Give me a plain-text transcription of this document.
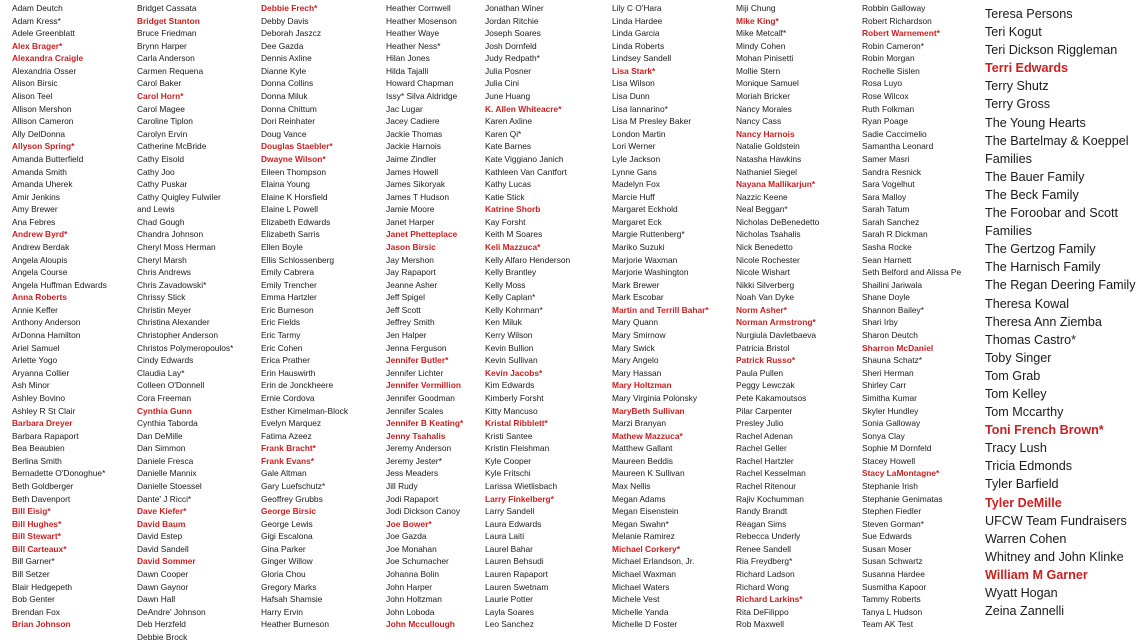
Adam Deutch
Adam Kress*
Adele Greenblatt
Alex Brager*
Alexandra Craigle
Alexandria Osser
Alison Birsic
Alison Teel
Allison Mershon
Allison Cameron
Ally DelDonna
Allyson Spring*
Amanda Butterfield
Amanda Smith
Amanda Uherek
Amir Jenkins
Amy Brewer
Ana Febres
Andrew Byrd*
Andrew Berdak
Angela Aloupis
Angela Course
Angela Huffman Edwards
Anna Roberts
Annie Keffer
Anthony Anderson
ArDonna Hamilton
Ariel Samuel
Arlette Yogo
Aryanna Collier
Ash Minor
Ashley Bovino
Ashley R St Clair
Barbara Dreyer
Barbara Rapaport
Bea Beaubien
Berlina Smith
Bernadette O'Donoghue*
Beth Goldberger
Beth Davenport
Bill Eisig*
Bill Hughes*
Bill Stewart*
Bill Carteaux*
Bill Garner*
Bill Setzer
Blair Hedgepeth
Bob Genter
Brendan Fox
Brian Johnson
Bridget Cassata
Bridget Stanton
Bruce Friedman
Brynn Harper
Carla Anderson
Carmen Requena
Carol Baker
Carol Horn*
Carol Magee
Caroline Tiplon
Carolyn Ervin
Catherine McBride
Cathy Eisold
Cathy Joo
Cathy Puskar
Cathy Quigley Fulwiler
and Lewis
Chad Gough
Chandra Johnson
Cheryl Moss Herman
Cheryl Marsh
Chris Andrews
Chris Zavadowski*
Chrissy Stick
Christin Meyer
Christina Alexander
Christopher Anderson
Christos Polymeropoulos*
Cindy Edwards
Claudia Lay*
Colleen O'Donnell
Cora Freeman
Cynthia Gunn
Cynthia Taborda
Dan DeMille
Dan Simmon
Daniele Fresca
Danielle Mannix
Danielle Stoessel
Dante' J Ricci*
Dave Kiefer*
David Baum
David Estep
David Sandell
David Sommer
Dawn Cooper
Dawn Gaynor
Dawn Hall
DeAndre' Johnson
Deb Herzfeld
Debbie Brock
Debbie Frech*
Debby Davis
Deborah Jaszcz
Dee Gazda
Dennis Axline
Dianne Kyle
Donna Collins
Donna Miluk
Donna Chittum
Dori Reinhater
Doug Vance
Douglas Staebler*
Dwayne Wilson*
Eileen Thompson
Elaina Young
Elaine K Horsfield
Elaine L Powell
Elizabeth Edwards
Elizabeth Sarris
Ellen Boyle
Ellis Schlossenberg
Emily Cabrera
Emily Trencher
Emma Hartzler
Eric Burneson
Eric Fields
Eric Tarmy
Eric Cohen
Erica Prather
Erin Hauswirth
Erin de Jonckheere
Ernie Cordova
Esther Kimelman-Block
Evelyn Marquez
Fatima Azeez
Frank Bracht*
Frank Evans*
Gale Altman
Gary Luefschutz*
Geoffrey Grubbs
George Birsic
George Lewis
Gigi Escalona
Gina Parker
Ginger Willow
Gloria Chou
Gregory Marks
Hafsah Shamsie
Harry Ervin
Heather Burneson
Heather Cornwell
Heather Mosenson
Heather Waye
Heather Ness*
Hilan Jones
Hilda Tajalli
Howard Chapman
Issy* Silva Aldridge
Jac Lugar
Jacey Cadiere
Jackie Thomas
Jackie Harnois
Jaime Zindler
James Howell
James Sikoryak
James T Hudson
Jamie Moore
Janet Harper
Janet Phetteplace
Jason Birsic
Jay Mershon
Jay Rapaport
Jeanne Asher
Jeff Spigel
Jeff Scott
Jeffrey Smith
Jen Halper
Jenna Ferguson
Jennifer Butler*
Jennifer Lichter
Jennifer Vermillion
Jennifer Goodman
Jennifer Scales
Jennifer B Keating*
Jenny Tsahalis
Jeremy Anderson
Jeremy Jester*
Jess Meaders
Jill Rudy
Jodi Rapaport
Jodi Dickson Canoy
Joe Bower*
Joe Gazda
Joe Monahan
Joe Schumacher
Johanna Bolin
John Harper
John Holtzman
John Loboda
John Mccullough
Jonathan Winer
Jordan Ritchie
Joseph Soares
Josh Dornfeld
Judy Redpath*
Julia Posner
Julia Cini
June Huang
K. Allen Whiteacre*
Karen Axline
Karen Qi*
Kate Barnes
Kate Viggiano Janich
Kathleen Van Cantfort
Kathy Lucas
Katie Stick
Katrine Shorb
Kay Forsht
Keith M Soares
Keli Mazzuca*
Kelly Alfaro Henderson
Kelly Brantley
Kelly Moss
Kelly Caplan*
Kelly Kohrman*
Ken Miluk
Kerry Wilson
Kevin Bullion
Kevin Sullivan
Kevin Jacobs*
Kim Edwards
Kimberly Forsht
Kitty Mancuso
Kristal Ribblett*
Kristi Santee
Kristin Fleishman
Kyle Cooper
Kyle Fritschi
Larissa Wietlisbach
Larry Finkelberg*
Larry Sandell
Laura Edwards
Laura Laiti
Laurel Bahar
Lauren Behsudi
Lauren Rapaport
Lauren Swetnam
Laurie Potter
Layla Soares
Leo Sanchez
Lily C O'Hara
Linda Hardee
Linda Garcia
Linda Roberts
Lindsey Sandell
Lisa Stark*
Lisa Wilson
Lisa Dunn
Lisa Iannarino*
Lisa M Presley Baker
London Martin
Lori Werner
Lyle Jackson
Lynne Gans
Madelyn Fox
Marcie Huff
Margaret Eckhold
Margaret Eck
Margie Ruttenberg*
Mariko Suzuki
Marjorie Waxman
Marjorie Washington
Mark Brewer
Mark Escobar
Martin and Terrill Bahar*
Mary Quann
Mary Smirnow
Mary Swick
Mary Angelo
Mary Hassan
Mary Holtzman
Mary Virginia Polonsky
MaryBeth Sullivan
Marzi Branyan
Mathew Mazzuca*
Matthew Gallant
Maureen Beddis
Maureen K Sullivan
Max Nellis
Megan Adams
Megan Eisenstein
Megan Swahn*
Melanie Ramirez
Michael Corkery*
Michael Erlandson, Jr.
Michael Waxman
Michael Waters
Michele Vest
Michelle Yanda
Michelle D Foster
Miji Chung
Mike King*
Mike Metcalf*
Mindy Cohen
Mohan Pinisetti
Mollie Stern
Monique Samuel
Moriah Bricker
Nancy Morales
Nancy Cass
Nancy Harnois
Natalie Goldstein
Natasha Hawkins
Nathaniel Siegel
Nayana Mallikarjun*
Nazzic Keene
Neal Beggan*
Nicholas DeBenedetto
Nicholas Tsahalis
Nick Benedetto
Nicole Rochester
Nicole Wishart
Nikki Silverberg
Noah Van Dyke
Norm Asher*
Norman Armstrong*
Nurgiula Davletbaeva
Patricia Bristol
Patrick Russo*
Paula Pullen
Peggy Lewczak
Pete Kakamoutsos
Pilar Carpenter
Presley Julio
Rachel Adenan
Rachel Geller
Rachel Hartzler
Rachel Kesselman
Rachel Ritenour
Rajiv Kochumman
Randy Brandt
Reagan Sims
Rebecca Underly
Renee Sandell
Ria Freydberg*
Richard Ladson
Richard Wong
Richard Larkins*
Rita DeFilippo
Rob Maxwell
Robbin Galloway
Robert Richardson
Robert Warnement*
Robin Cameron*
Robin Morgan
Rochelle Sislen
Rosa Luyo
Rose Wilcox
Ruth Folkman
Ryan Poage
Sadie Caccimelio
Samantha Leonard
Samer Masri
Sandra Resnick
Sara Vogelhut
Sara Malloy
Sarah Tatum
Sarah Sanchez
Sarah R Dickman
Sasha Rocke
Sean Harnett
Seth Belford and Alissa Pe
Shailini Jariwala
Shane Doyle
Shannon Bailey*
Shari Irby
Sharon Deutch
Sharron McDaniel
Shauna Schatz*
Sheri Herman
Shirley Carr
Simitha Kumar
Skyler Hundley
Sonia Galloway
Sonya Clay
Sophie M Dornfeld
Stacey Howell
Stacy LaMontagne*
Stephanie Irish
Stephanie Genimatas
Stephen Fiedler
Steven Gorman*
Sue Edwards
Susan Moser
Susan Schwartz
Susanna Hardee
Susmitha Kapoor
Tammy Roberts
Tanya L Hudson
Team AK Test
Teresa Persons
Teri Kogut
Teri Dickson Riggleman
Terri Edwards
Terry Shutz
Terry Gross
The Young Hearts
The Bartelmay & Koeppel Families
The Bauer Family
The Beck Family
The Foroobar and Scott Families
The Gertzog Family
The Harnisch Family
The Regan Deering Family
Theresa Kowal
Theresa Ann Ziemba
Thomas Castro*
Toby Singer
Tom Grab
Tom Kelley
Tom Mccarthy
Toni French Brown*
Tracy Lush
Tricia Edmonds
Tyler Barfield
Tyler DeMille
UFCW Team Fundraisers
Warren Cohen
Whitney and John Klinke
William M Garner
Wyatt Hogan
Zeina Zannelli
